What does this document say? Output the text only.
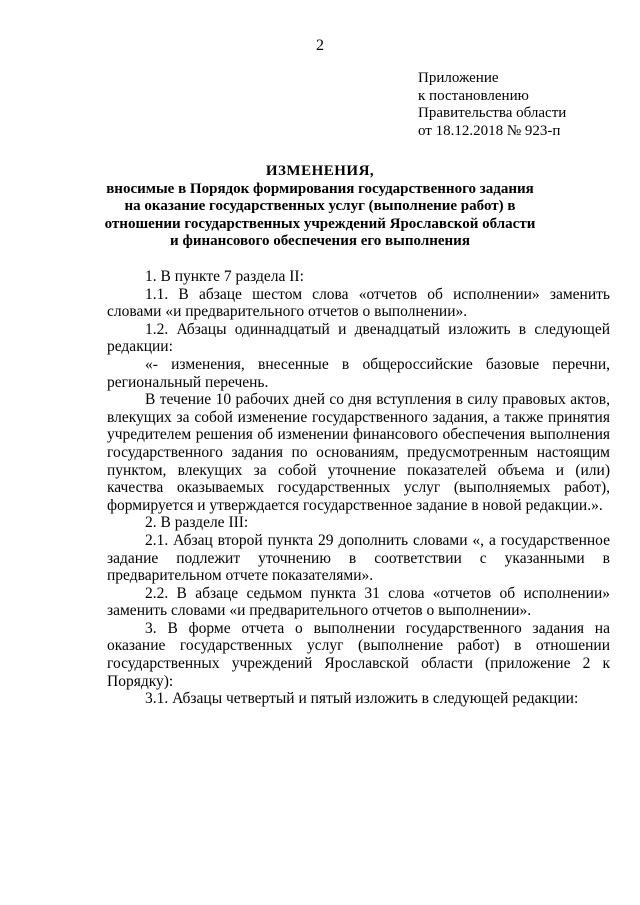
2
Приложение
к постановлению
Правительства области
от 18.12.2018 № 923-п
ИЗМЕНЕНИЯ,
вносимые в Порядок формирования государственного задания на оказание государственных услуг (выполнение работ) в отношении государственных учреждений Ярославской области и финансового обеспечения его выполнения

1. В пункте 7 раздела II:

1.1. В абзаце шестом слова «отчетов об исполнении» заменить словами «и предварительного отчетов о выполнении».

1.2. Абзацы одиннадцатый и двенадцатый изложить в следующей редакции:

«- изменения, внесенные в общероссийские базовые перечни, региональный перечень.

В течение 10 рабочих дней со дня вступления в силу правовых актов, влекущих за собой изменение государственного задания, а также принятия учредителем решения об изменении финансового обеспечения выполнения государственного задания по основаниям, предусмотренным настоящим пунктом, влекущих за собой уточнение показателей объема и (или) качества оказываемых государственных услуг (выполняемых работ), формируется и утверждается государственное задание в новой редакции.».

2. В разделе III:

2.1. Абзац второй пункта 29 дополнить словами «, а государственное задание подлежит уточнению в соответствии с указанными в предварительном отчете показателями».

2.2. В абзаце седьмом пункта 31 слова «отчетов об исполнении» заменить словами «и предварительного отчетов о выполнении».

3. В форме отчета о выполнении государственного задания на оказание государственных услуг (выполнение работ) в отношении государственных учреждений Ярославской области (приложение 2 к Порядку):

3.1. Абзацы четвертый и пятый изложить в следующей редакции:
